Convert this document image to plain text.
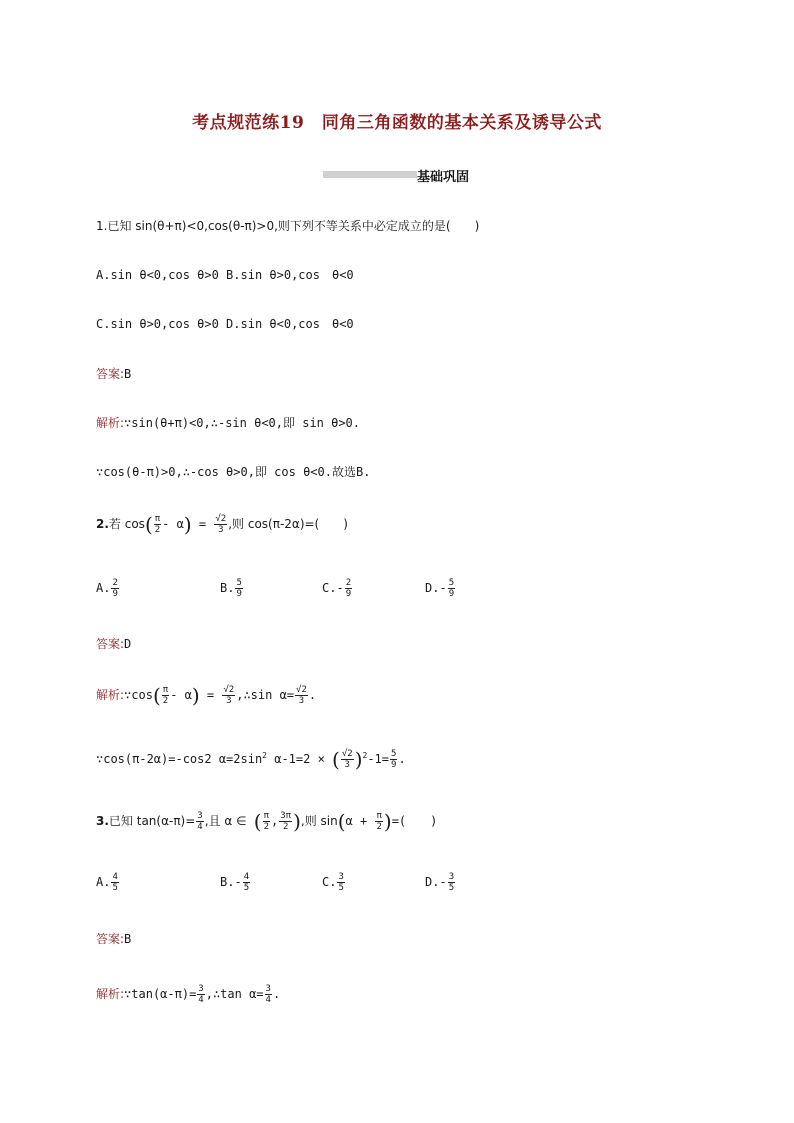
考点规范练19　同角三角函数的基本关系及诱导公式
基础巩固
1.已知 sin(θ+π)<0,cos(θ-π)>0,则下列不等关系中必定成立的是(　　)
A.sin θ<0,cos θ>0 B.sin θ>0,cos　θ<0
C.sin θ>0,cos θ>0 D.sin θ<0,cos　θ<0
答案:B
解析:∵sin(θ+π)<0,∴-sin θ<0,即 sin θ>0.
∵cos(θ-π)>0,∴-cos θ>0,即 cos θ<0.故选B.
2.若 $\cos( \frac{\pi}{2} - \alpha) = \frac{√2}{3}$ ,则 cos(π-2α)=(　　)
A. $\frac{2}{9}$	B. $\frac{5}{9}$	$C.- \frac{2}{9}$	$D.- \frac{5}{9}$
答案:D
解析:∵cos( $\frac{\pi}{2} - \alpha) = \frac{√2}{3}$ ,∴sin $\alpha= \frac{√2}{3}$ .
∵cos(π-2α)=-cos2 $\alpha=2\sin^2$ α-1=2 × ( $\frac{√2}{3} )^2-1= \frac{5}{9}$ .
3.已知 $\tan(\alpha-\pi)= \frac{3}{4}$ ,且 α ∈ ( $\frac{\pi}{2}$ , $\frac{3\pi}{2}$ ),则 $\sin(\alpha + \frac{\pi}{2}$ )=(　　)
A. $\frac{4}{5}$	$B.- \frac{4}{5}$	C. $\frac{3}{5}$	$D.- \frac{3}{5}$
答案:B
解析:∵tan(α-π)= $\frac{3}{4}$ ,∴tan $\alpha= \frac{3}{4}$ .
